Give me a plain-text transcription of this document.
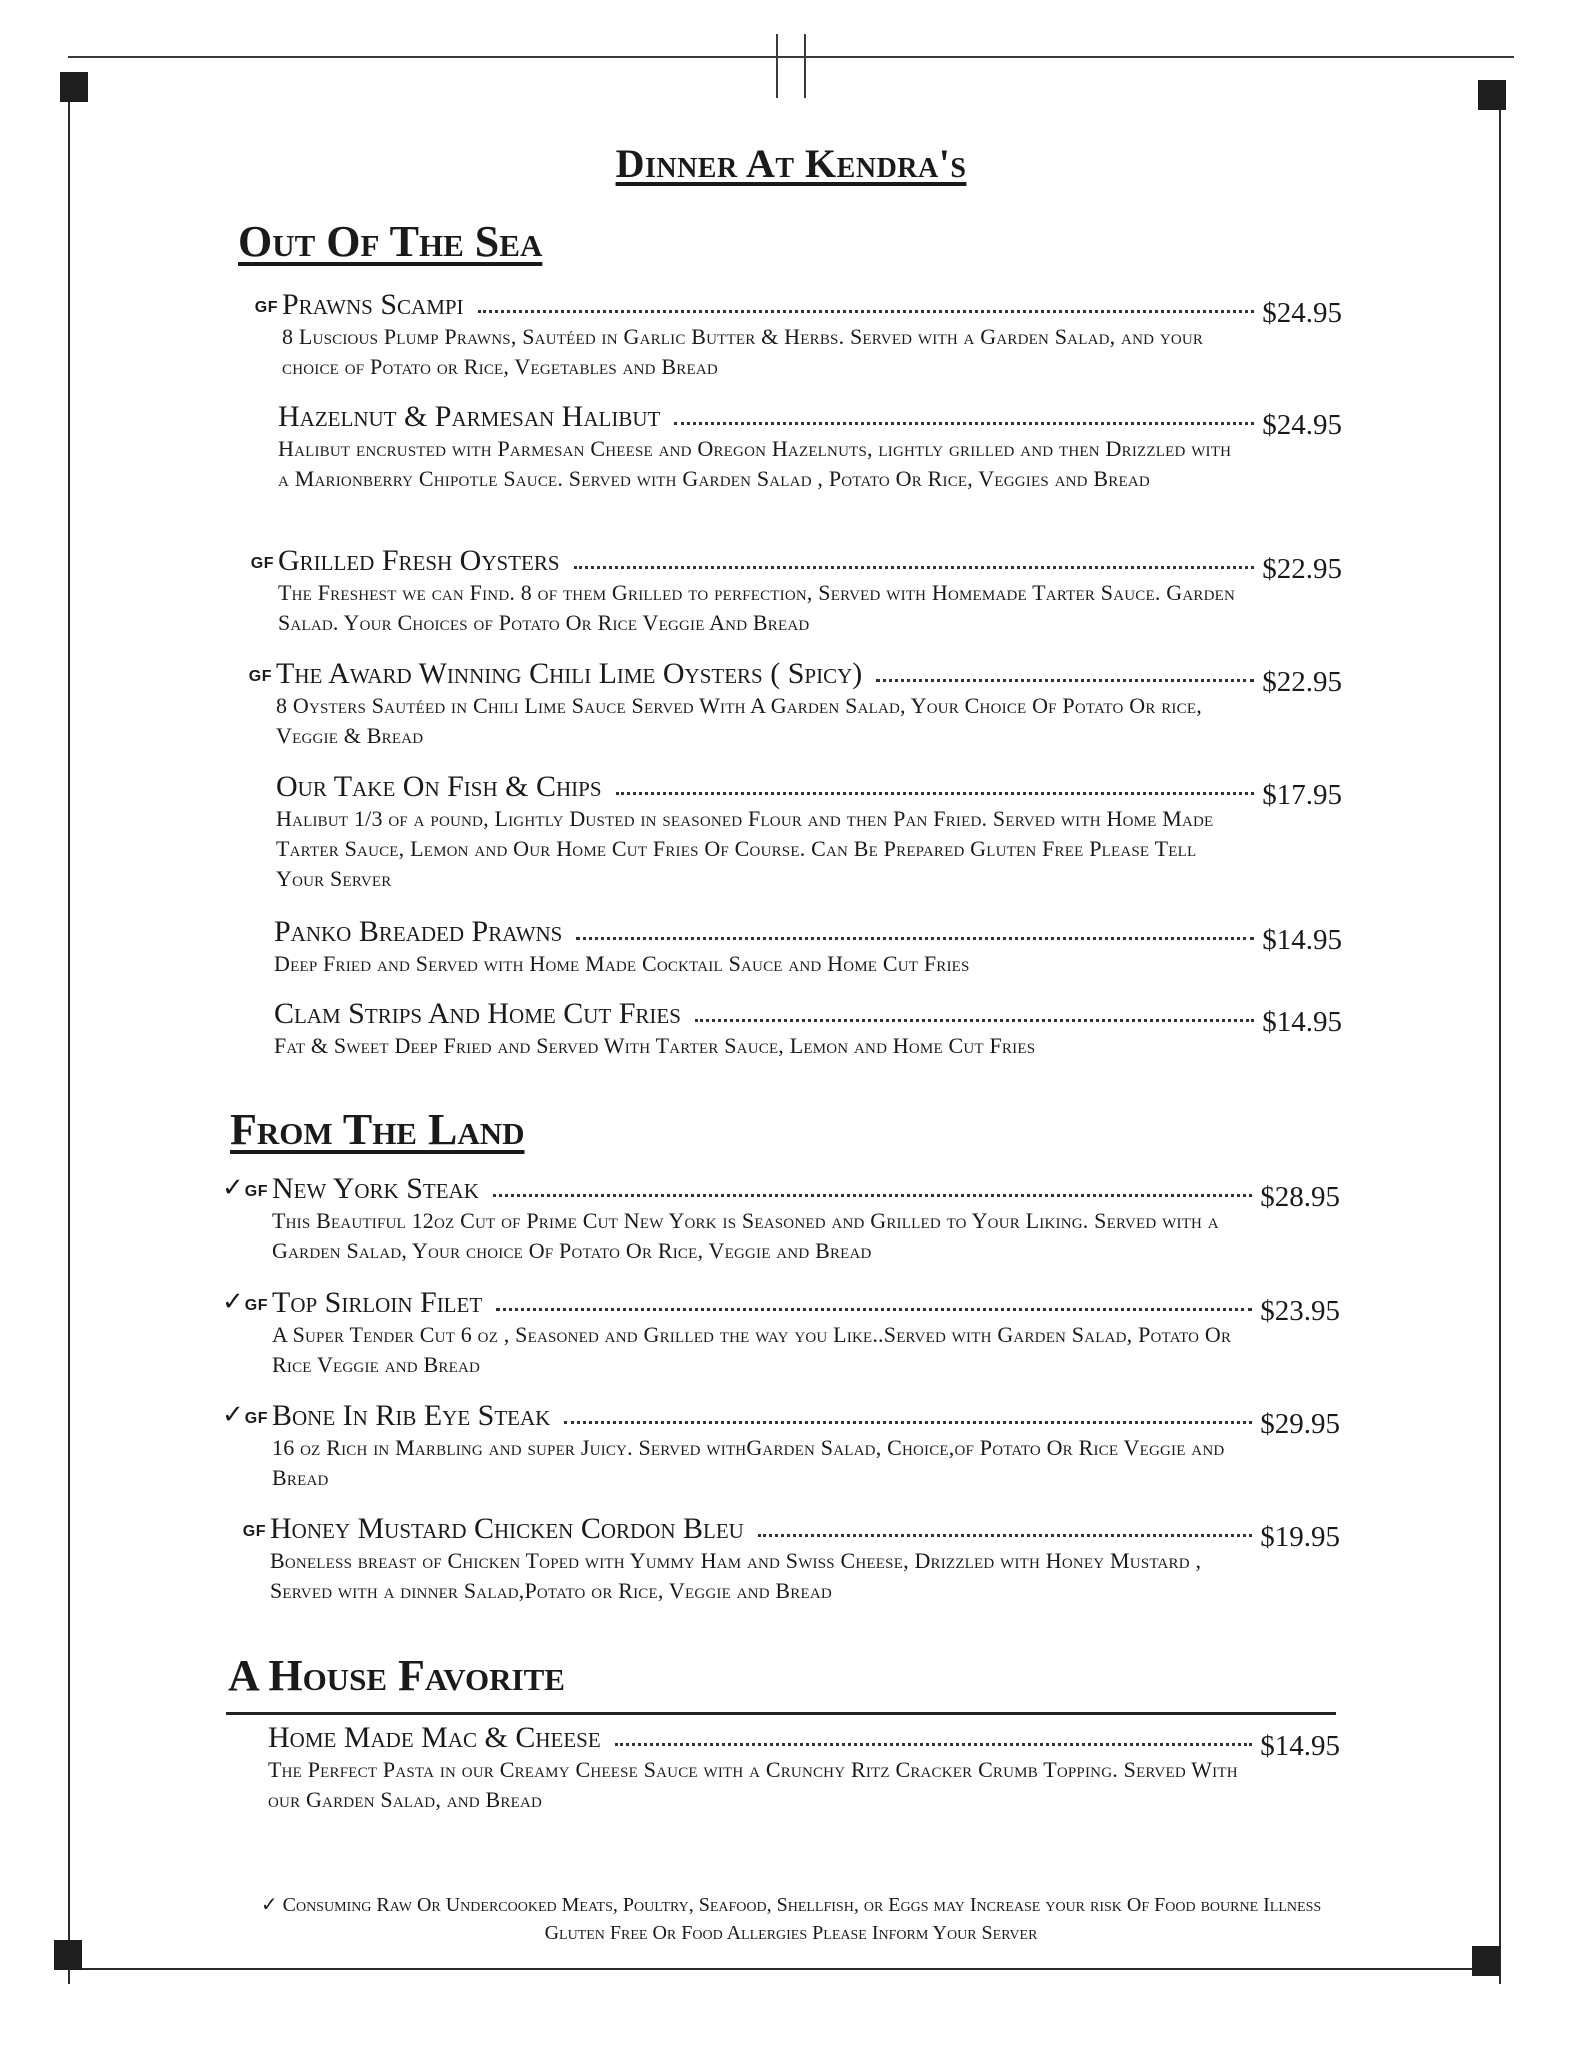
Dinner At Kendra's
Out Of The Sea
GF Prawns Scampi	$24.95

8 Luscious Plump Prawns, Sautéed in Garlic Butter & Herbs. Served with a Garden Salad, and your choice of Potato or Rice, Vegetables and Bread

Hazelnut & Parmesan Halibut	$24.95

Halibut encrusted with Parmesan Cheese and Oregon Hazelnuts, lightly grilled and then Drizzled with a Marionberry Chipotle Sauce. Served with Garden Salad , Potato Or Rice, Veggies and Bread

GF Grilled Fresh Oysters	$22.95

The Freshest we can Find. 8 of them Grilled to perfection, Served with Homemade Tarter Sauce. Garden Salad. Your Choices of Potato Or Rice Veggie And Bread

GF The Award Winning Chili Lime Oysters ( Spicy)	$22.95

8 Oysters Sautéed in Chili Lime Sauce Served With A Garden Salad, Your Choice Of Potato Or rice, Veggie & Bread

Our Take On Fish & Chips	$17.95

Halibut 1/3 of a pound, Lightly Dusted in seasoned Flour and then Pan Fried. Served with Home Made Tarter Sauce, Lemon and Our Home Cut Fries Of Course. Can Be Prepared Gluten Free Please Tell Your Server

Panko Breaded Prawns	$14.95

Deep Fried and Served with Home Made Cocktail Sauce and Home Cut Fries

Clam Strips And Home Cut Fries	$14.95

Fat & Sweet Deep Fried and Served With Tarter Sauce, Lemon and Home Cut Fries

From The Land
✓ GF New York Steak	$28.95

This Beautiful 12oz Cut of Prime Cut New York is Seasoned and Grilled to Your Liking. Served with a Garden Salad, Your choice Of Potato Or Rice, Veggie and Bread

✓ GF Top Sirloin Filet	$23.95

A Super Tender Cut 6 oz , Seasoned and Grilled the way you Like..Served with Garden Salad, Potato Or Rice Veggie and Bread

✓ GF Bone In Rib Eye Steak	$29.95

16 oz Rich in Marbling and super Juicy. Served withGarden Salad, Choice,of Potato Or Rice Veggie and Bread

GF Honey Mustard Chicken Cordon Bleu	$19.95

Boneless breast of Chicken Toped with Yummy Ham and Swiss Cheese, Drizzled with Honey Mustard , Served with a dinner Salad,Potato or Rice, Veggie and Bread

A House Favorite
Home Made Mac & Cheese	$14.95

The Perfect Pasta in our Creamy Cheese Sauce with a Crunchy Ritz Cracker Crumb Topping. Served With our Garden Salad, and Bread

✓ Consuming Raw Or Undercooked Meats, Poultry, Seafood, Shellfish, or Eggs may Increase your risk Of Food bourne Illness
Gluten Free Or Food Allergies Please Inform Your Server
